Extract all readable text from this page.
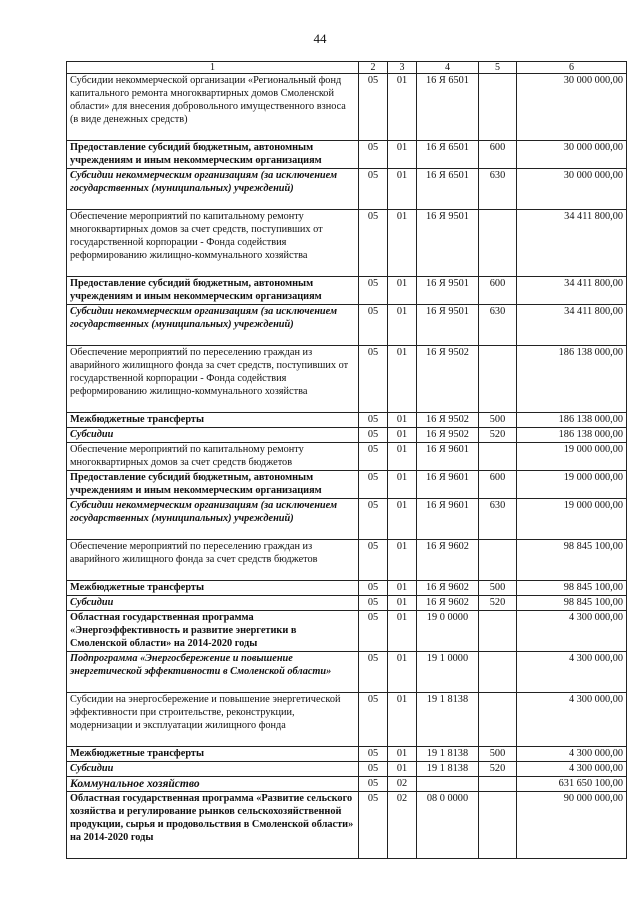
44
1	2	3	4	5	6
Субсидии некоммерческой организации «Региональный фонд капитального ремонта многоквартирных домов Смоленской области» для внесения добровольного имущественного взноса (в виде денежных средств)	05	01	16 Я 6501		30 000 000,00
Предоставление субсидий бюджетным, автономным учреждениям и иным некоммерческим организациям	05	01	16 Я 6501	600	30 000 000,00
Субсидии некоммерческим организациям (за исключением государственных (муниципальных) учреждений)	05	01	16 Я 6501	630	30 000 000,00
Обеспечение мероприятий по капитальному ремонту многоквартирных домов за счет средств, поступивших от государственной корпорации - Фонда содействия реформированию жилищно-коммунального хозяйства	05	01	16 Я 9501		34 411 800,00
Предоставление субсидий бюджетным, автономным учреждениям и иным некоммерческим организациям	05	01	16 Я 9501	600	34 411 800,00
Субсидии некоммерческим организациям (за исключением государственных (муниципальных) учреждений)	05	01	16 Я 9501	630	34 411 800,00
Обеспечение мероприятий по переселению граждан из аварийного жилищного фонда за счет средств, поступивших от государственной корпорации - Фонда содействия реформированию жилищно-коммунального хозяйства	05	01	16 Я 9502		186 138 000,00
Межбюджетные трансферты	05	01	16 Я 9502	500	186 138 000,00
Субсидии	05	01	16 Я 9502	520	186 138 000,00
Обеспечение мероприятий по капитальному ремонту многоквартирных домов за счет средств бюджетов	05	01	16 Я 9601		19 000 000,00
Предоставление субсидий бюджетным, автономным учреждениям и иным некоммерческим организациям	05	01	16 Я 9601	600	19 000 000,00
Субсидии некоммерческим организациям (за исключением государственных (муниципальных) учреждений)	05	01	16 Я 9601	630	19 000 000,00
Обеспечение мероприятий по переселению граждан из аварийного жилищного фонда за счет средств бюджетов	05	01	16 Я 9602		98 845 100,00
Межбюджетные трансферты	05	01	16 Я 9602	500	98 845 100,00
Субсидии	05	01	16 Я 9602	520	98 845 100,00
Областная государственная программа «Энергоэффективность и развитие энергетики в Смоленской области» на 2014-2020 годы	05	01	19 0 0000		4 300 000,00
Подпрограмма «Энергосбережение и повышение энергетической эффективности в Смоленской области»	05	01	19 1 0000		4 300 000,00
Субсидии на энергосбережение и повышение энергетической эффективности при строительстве, реконструкции, модернизации и эксплуатации жилищного фонда	05	01	19 1 8138		4 300 000,00
Межбюджетные трансферты	05	01	19 1 8138	500	4 300 000,00
Субсидии	05	01	19 1 8138	520	4 300 000,00
Коммунальное хозяйство	05	02			631 650 100,00
Областная государственная программа «Развитие сельского хозяйства и регулирование рынков сельскохозяйственной продукции, сырья и продовольствия в Смоленской области» на 2014-2020 годы	05	02	08 0 0000		90 000 000,00
